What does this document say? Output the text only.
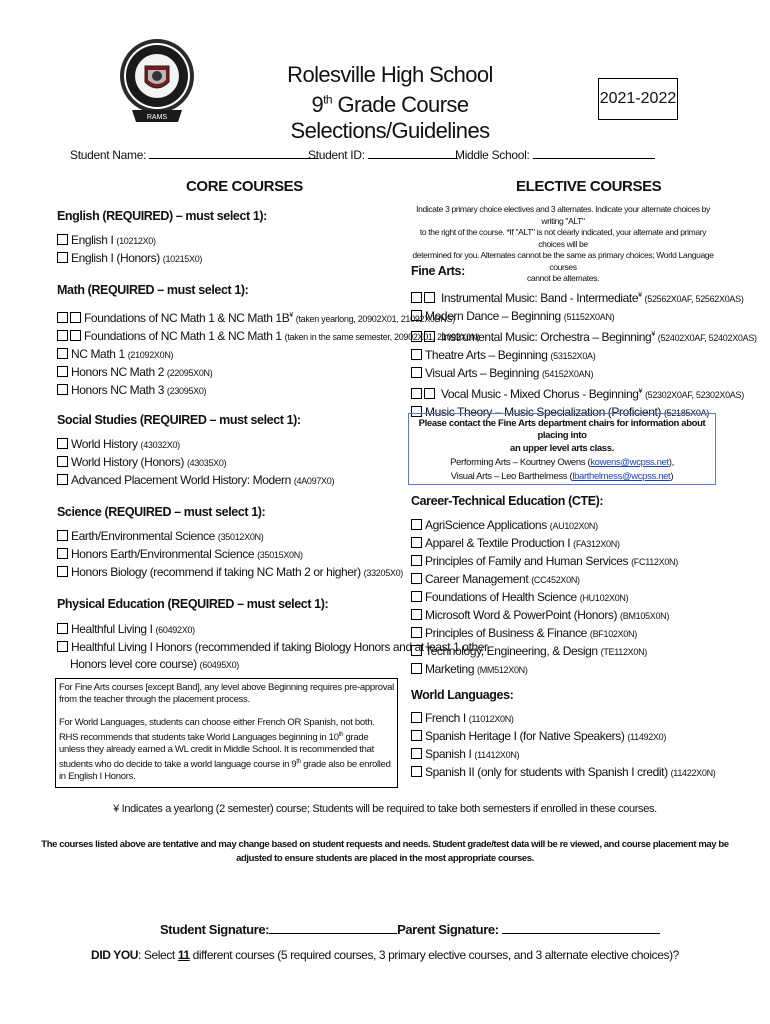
RAMS
Rolesville High School
9th Grade Course Selections/Guidelines
2021-2022
Student Name:	Student ID:	Middle School:
CORE COURSES
English (REQUIRED) – must select 1):
English I (10212X0)
English I (Honors) (10215X0)
Math (REQUIRED – must select 1):
Foundations of NC Math 1 & NC Math 1B¥ (taken yearlong, 20902X01, 21092X0BNS)
Foundations of NC Math 1 & NC Math 1 (taken in the same semester, 20902X01, 21092X0N)
NC Math 1 (21092X0N)
Honors NC Math 2 (22095X0N)
Honors NC Math 3 (23095X0)
Social Studies (REQUIRED – must select 1):
World History (43032X0)
World History (Honors) (43035X0)
Advanced Placement World History: Modern (4A097X0)
Science (REQUIRED – must select 1):
Earth/Environmental Science (35012X0N)
Honors Earth/Environmental Science (35015X0N)
Honors Biology (recommend if taking NC Math 2 or higher) (33205X0)
Physical Education (REQUIRED – must select 1):
Healthful Living I (60492X0)
Healthful Living I Honors (recommended if taking Biology Honors and at least 1 other
Honors level core course) (60495X0)
For Fine Arts courses [except Band], any level above Beginning requires pre-approval from the teacher through the placement process.
For World Languages, students can choose either French OR Spanish, not both. RHS recommends that students take World Languages beginning in 10th grade unless they already earned a WL credit in Middle School. It is recommended that students who do decide to take a world language course in 9th grade also be enrolled in English I Honors.
ELECTIVE COURSES
Indicate 3 primary choice electives and 3 alternates. Indicate your alternate choices by writing "ALT"
to the right of the course. *If "ALT" is not clearly indicated, your alternate and primary choices will be
determined for you. Alternates cannot be the same as primary choices; World Language courses
cannot be alternates.
Fine Arts:
Instrumental Music: Band - Intermediate¥ (52562X0AF, 52562X0AS)
Modern Dance – Beginning (51152X0AN)
Instrumental Music: Orchestra – Beginning¥ (52402X0AF, 52402X0AS)
Theatre Arts – Beginning (53152X0A)
Visual Arts – Beginning (54152X0AN)
Vocal Music - Mixed Chorus - Beginning¥ (52302X0AF, 52302X0AS)
Music Theory – Music Specialization (Proficient) (52185X0A)
Please contact the Fine Arts department chairs for information about placing into
an upper level arts class.
Performing Arts – Kourtney Owens (kowens@wcpss.net),
Visual Arts – Leo Barthelmess (lbarthelmess@wcpss.net)
Career-Technical Education (CTE):
AgriScience Applications (AU102X0N)
Apparel & Textile Production I (FA312X0N)
Principles of Family and Human Services (FC112X0N)
Career Management (CC452X0N)
Foundations of Health Science (HU102X0N)
Microsoft Word & PowerPoint (Honors) (BM105X0N)
Principles of Business & Finance (BF102X0N)
Technology, Engineering, & Design (TE112X0N)
Marketing (MM512X0N)
World Languages:
French I (11012X0N)
Spanish Heritage I (for Native Speakers) (11492X0)
Spanish I (11412X0N)
Spanish II (only for students with Spanish I credit) (11422X0N)
¥ Indicates a yearlong (2 semester) course; Students will be required to take both semesters if enrolled in these courses.
The courses listed above are tentative and may change based on student requests and needs. Student grade/test data will be re viewed, and course placement may be
adjusted to ensure students are placed in the most appropriate courses.
Student Signature:	Parent Signature:
DID YOU: Select 11 different courses (5 required courses, 3 primary elective courses, and 3 alternate elective choices)?
